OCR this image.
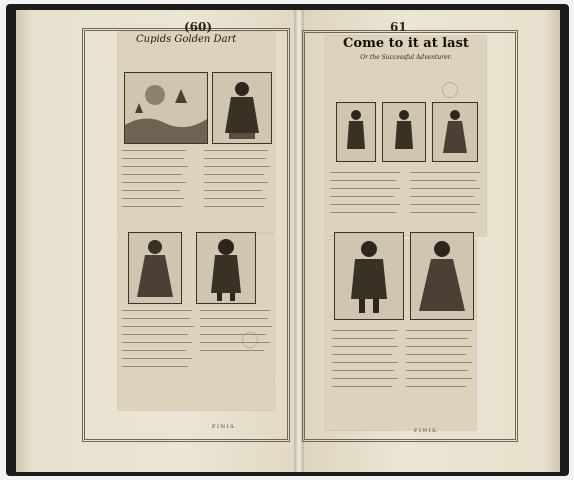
(60)
Cupids Golden Dart
F I N I S.
61
Come to it at last
Or the Successful Adventurer.
F I N I S.
